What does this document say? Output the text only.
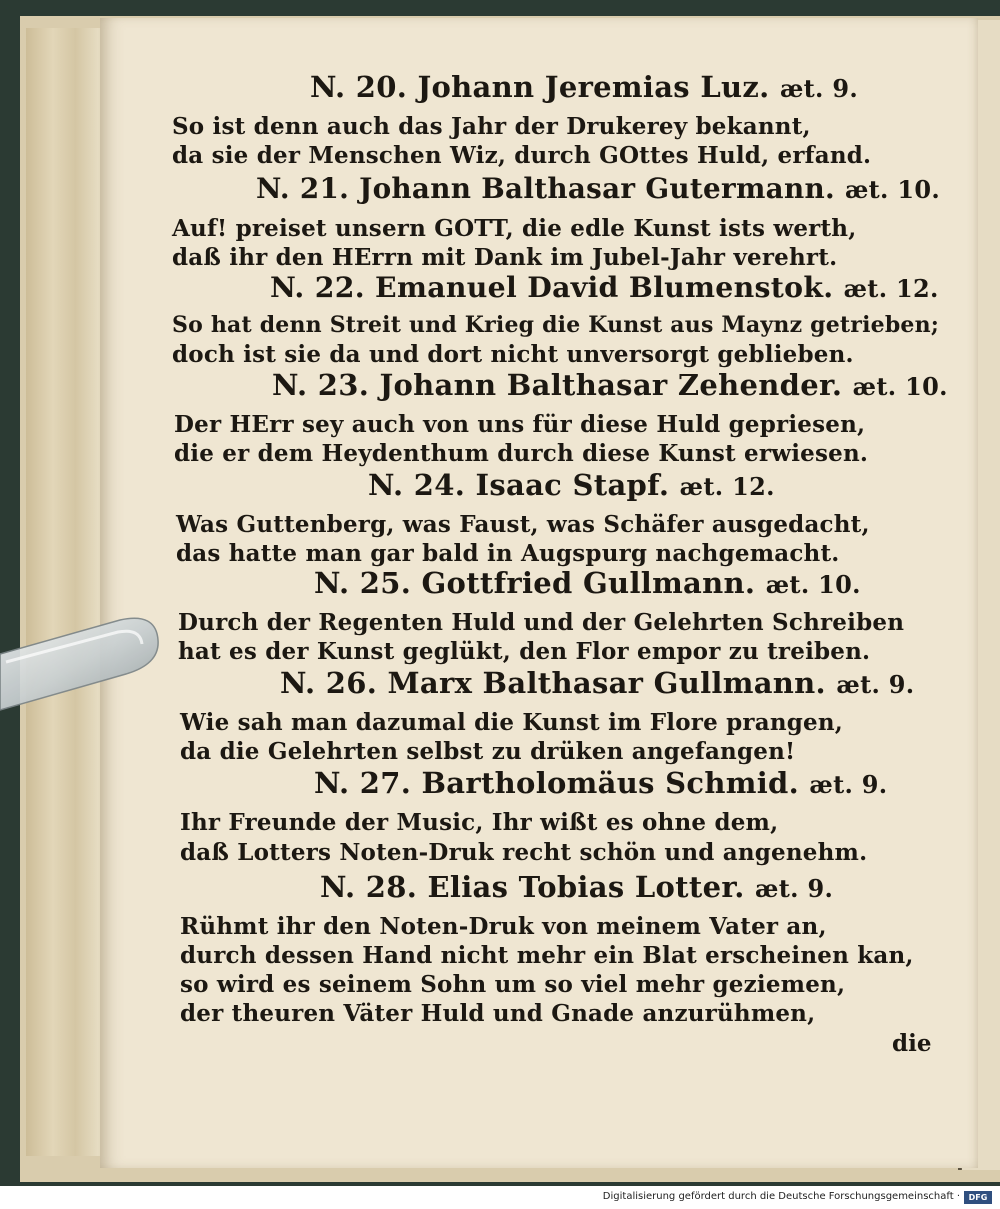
N. 20. Johann Jeremias Luz. æt. 9.
So ist denn auch das Jahr der Drukerey bekannt,
da sie der Menschen Wiz, durch GOttes Huld, erfand.
N. 21. Johann Balthasar Gutermann. æt. 10.
Auf! preiset unsern GOTT, die edle Kunst ists werth,
daß ihr den HErrn mit Dank im Jubel-Jahr verehrt.
N. 22. Emanuel David Blumenstok. æt. 12.
So hat denn Streit und Krieg die Kunst aus Maynz getrieben;
doch ist sie da und dort nicht unversorgt geblieben.
N. 23. Johann Balthasar Zehender. æt. 10.
Der HErr sey auch von uns für diese Huld gepriesen,
die er dem Heydenthum durch diese Kunst erwiesen.
N. 24. Isaac Stapf. æt. 12.
Was Guttenberg, was Faust, was Schäfer ausgedacht,
das hatte man gar bald in Augspurg nachgemacht.
N. 25. Gottfried Gullmann. æt. 10.
Durch der Regenten Huld und der Gelehrten Schreiben
hat es der Kunst geglükt, den Flor empor zu treiben.
N. 26. Marx Balthasar Gullmann. æt. 9.
Wie sah man dazumal die Kunst im Flore prangen,
da die Gelehrten selbst zu drüken angefangen!
N. 27. Bartholomäus Schmid. æt. 9.
Ihr Freunde der Music, Ihr wißt es ohne dem,
daß Lotters Noten-Druk recht schön und angenehm.
N. 28. Elias Tobias Lotter. æt. 9.
Rühmt ihr den Noten-Druk von meinem Vater an,
durch dessen Hand nicht mehr ein Blat erscheinen kan,
so wird es seinem Sohn um so viel mehr geziemen,
der theuren Väter Huld und Gnade anzurühmen,
die
Digitalisierung gefördert durch die Deutsche Forschungsgemeinschaft ·	DFG
